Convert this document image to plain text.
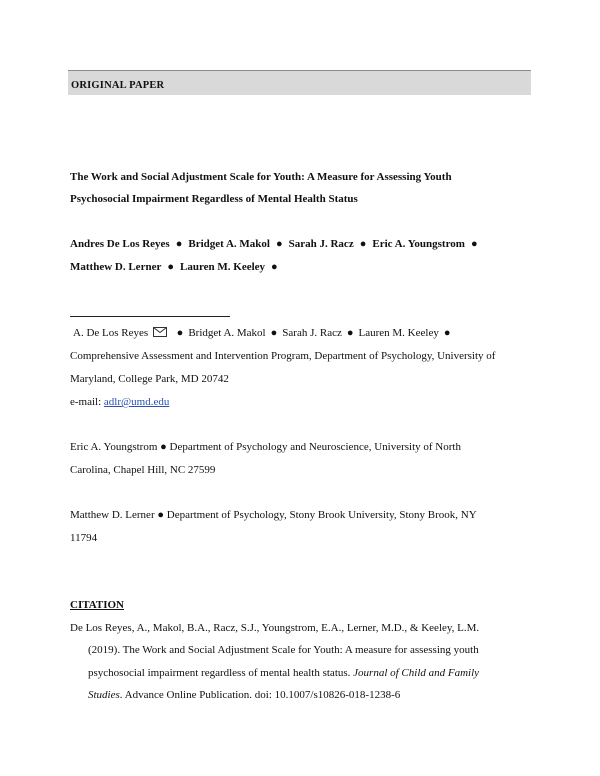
ORIGINAL PAPER
The Work and Social Adjustment Scale for Youth: A Measure for Assessing Youth
Psychosocial Impairment Regardless of Mental Health Status
Andres De Los Reyes ● Bridget A. Makol ● Sarah J. Racz ● Eric A. Youngstrom ●
Matthew D. Lerner ● Lauren M. Keeley ●
A. De Los Reyes	● Bridget A. Makol ● Sarah J. Racz ● Lauren M. Keeley ●
Comprehensive Assessment and Intervention Program, Department of Psychology, University of
Maryland, College Park, MD 20742
e-mail: adlr@umd.edu
Eric A. Youngstrom ● Department of Psychology and Neuroscience, University of North
Carolina, Chapel Hill, NC 27599
Matthew D. Lerner ● Department of Psychology, Stony Brook University, Stony Brook, NY
11794
CITATION
De Los Reyes, A., Makol, B.A., Racz, S.J., Youngstrom, E.A., Lerner, M.D., & Keeley, L.M.
(2019). The Work and Social Adjustment Scale for Youth: A measure for assessing youth
psychosocial impairment regardless of mental health status. Journal of Child and Family
Studies. Advance Online Publication. doi: 10.1007/s10826-018-1238-6
